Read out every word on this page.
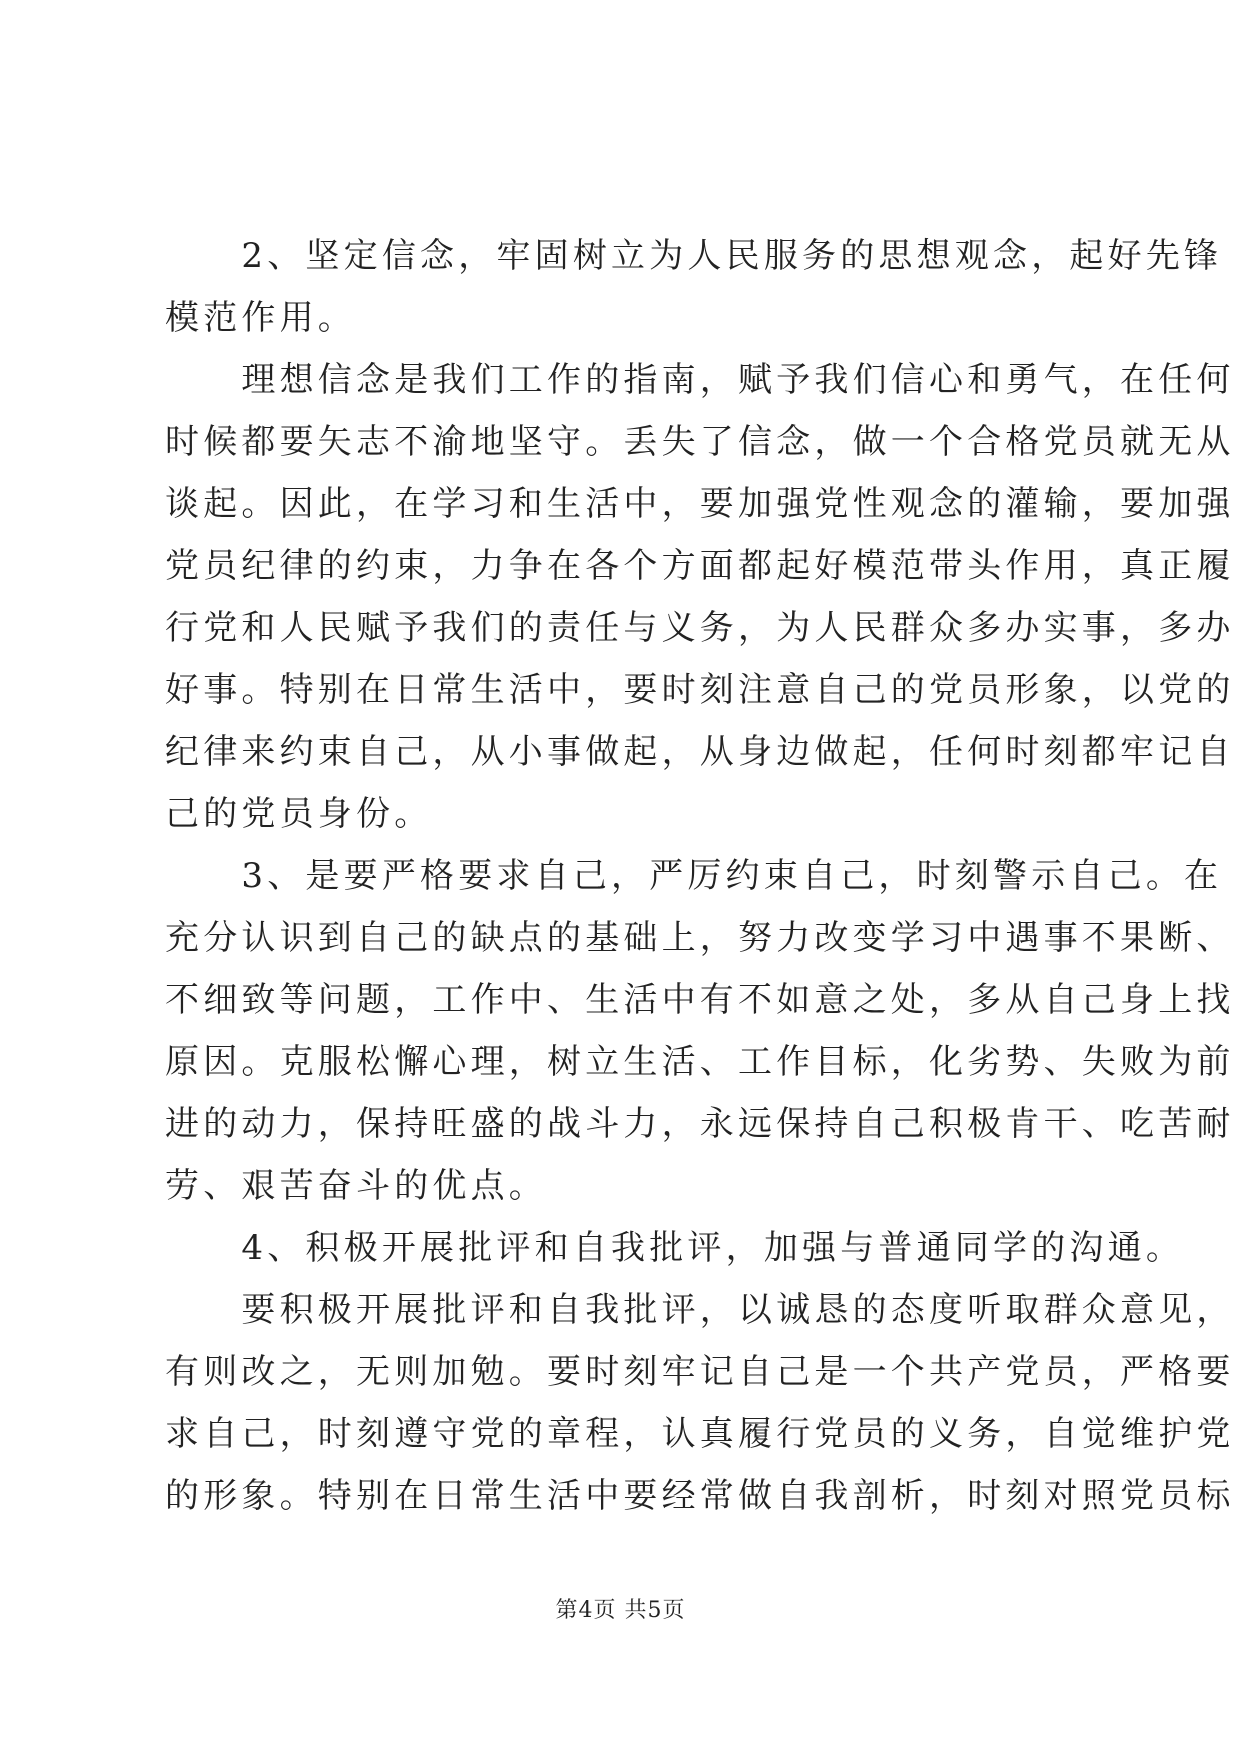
　　2、坚定信念，牢固树立为人民服务的思想观念，起好先锋
模范作用。
　　理想信念是我们工作的指南，赋予我们信心和勇气，在任何
时候都要矢志不渝地坚守。丢失了信念，做一个合格党员就无从
谈起。因此，在学习和生活中，要加强党性观念的灌输，要加强
党员纪律的约束，力争在各个方面都起好模范带头作用，真正履
行党和人民赋予我们的责任与义务，为人民群众多办实事，多办
好事。特别在日常生活中，要时刻注意自己的党员形象，以党的
纪律来约束自己，从小事做起，从身边做起，任何时刻都牢记自
己的党员身份。
　　3、是要严格要求自己，严厉约束自己，时刻警示自己。在
充分认识到自己的缺点的基础上，努力改变学习中遇事不果断、
不细致等问题，工作中、生活中有不如意之处，多从自己身上找
原因。克服松懈心理，树立生活、工作目标，化劣势、失败为前
进的动力，保持旺盛的战斗力，永远保持自己积极肯干、吃苦耐
劳、艰苦奋斗的优点。
　　4、积极开展批评和自我批评，加强与普通同学的沟通。
　　要积极开展批评和自我批评，以诚恳的态度听取群众意见，
有则改之，无则加勉。要时刻牢记自己是一个共产党员，严格要
求自己，时刻遵守党的章程，认真履行党员的义务，自觉维护党
的形象。特别在日常生活中要经常做自我剖析，时刻对照党员标
第4页 共5页
